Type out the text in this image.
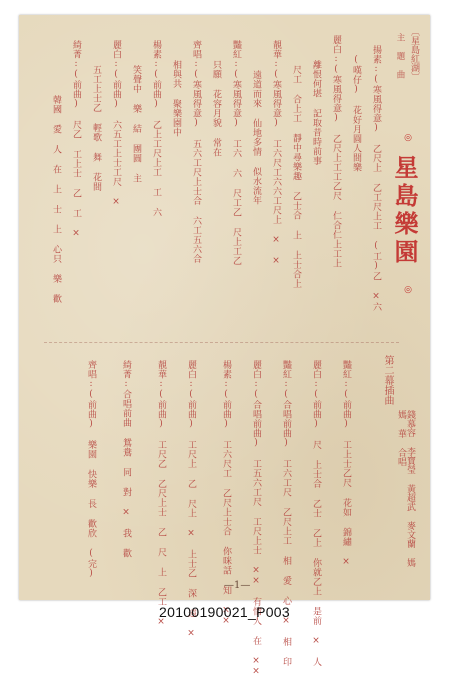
〔星島紅湖〕
主 題 曲
星島樂園
◎
◎
揚素:(寒風得意) 乙尺上 乙工尺上工 (工)乙 ×六
(嘆仔) 花好月圓人間樂
麗白:(寒風得意) 乙尺上工工乙尺 仁合仁上工上
離恨何堪 記取昔時前事
尺工 合上工 靜中尋樂趣 乙士合 上 上士合上
靚華:(寒風得意) 工六尺工六六工尺上 × ×
遠道而來 仙地多情 似水流年
豔紅:(寒風得意) 工六 六 尺工乙 尺上工乙
只願 花容月貌 常在
齊唱:(寒風得意) 五六工尺上士合 六工五六合
相與共 聚樂園中
楊素:(前曲) 乙上工尺上工 工 六
笑聲中 樂 結 團圓 主
麗白:(前曲) 六五工上士工尺 ×
五工上士乙 輕歌 舞 花間
綺菁:(前曲) 尺乙 工上士 乙 工 ×
韓國 愛 人 在 上 士 上 心只 樂 歡
第二幕插曲
錢慕容 李寶瑩 黃超武 麥文蘭 媽 媽 華 合唱
豔紅:(前曲) 工上士乙尺 花如 錦繡 ×
麗白:(前曲) 尺 上士合 乙士 乙上 你就乙上 是前 × 人
豔紅:(合唱前曲) 工六工尺 乙尺上工 相 愛 心 × 相 印
麗白:(合唱前曲) 工五六工尺 工尺上士 ×× 有情人 在 ××
楊素:(前曲) 工六尺工 乙尺上士合 你咪話 知 ××
麗白:(前曲) 工尺上 乙 尺上 × 上士乙 深 遠 ×
靚華:(前曲) 工尺乙 乙尺上士 乙 尺 上 乙工 ×
綺菁:合唱前曲 鴛鴦 同 對 × 我 歡
齊唱:(前曲) 樂園 快樂 長 歡欣 (完)
—1—
20100190021_P003
